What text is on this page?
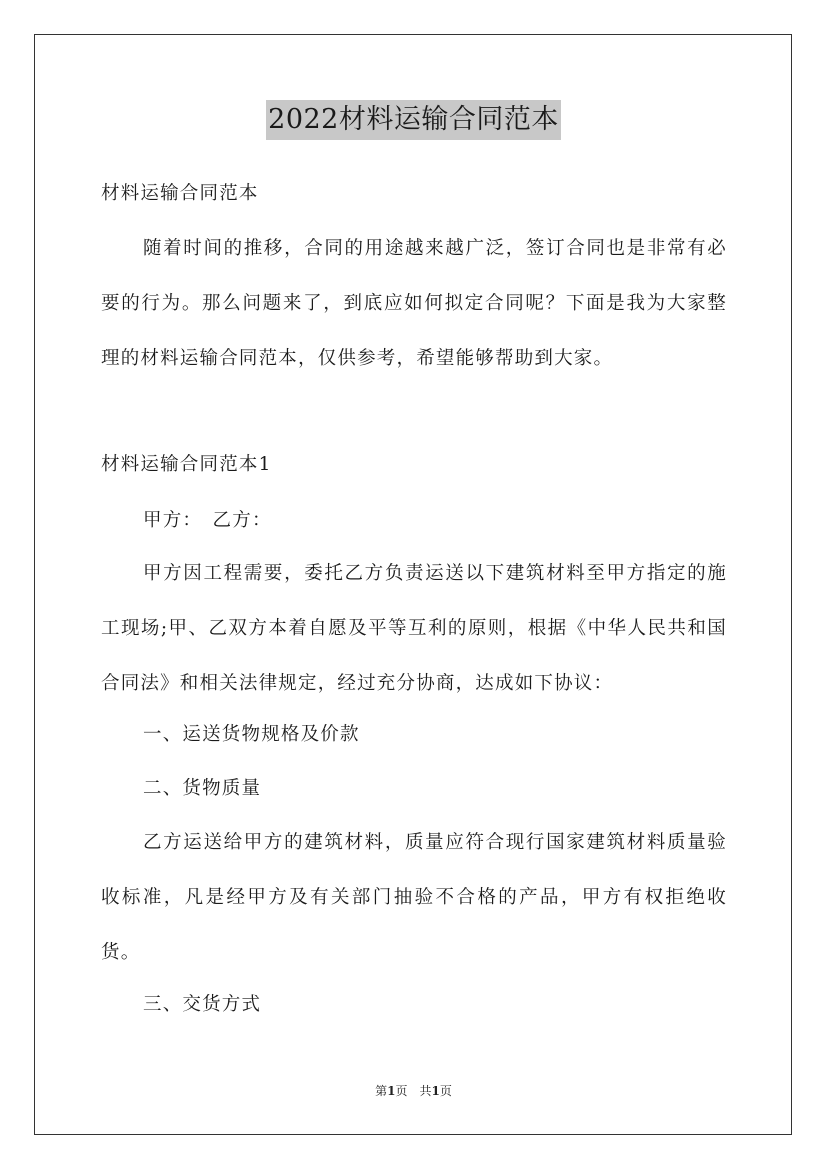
2022材料运输合同范本

材料运输合同范本

随着时间的推移，合同的用途越来越广泛，签订合同也是非常有必要的行为。那么问题来了，到底应如何拟定合同呢？下面是我为大家整理的材料运输合同范本，仅供参考，希望能够帮助到大家。

材料运输合同范本1

甲方：　乙方：

甲方因工程需要，委托乙方负责运送以下建筑材料至甲方指定的施工现场;甲、乙双方本着自愿及平等互利的原则，根据《中华人民共和国合同法》和相关法律规定，经过充分协商，达成如下协议：

一、运送货物规格及价款

二、货物质量

乙方运送给甲方的建筑材料，质量应符合现行国家建筑材料质量验收标准，凡是经甲方及有关部门抽验不合格的产品，甲方有权拒绝收货。

三、交货方式

第1页　共1页
